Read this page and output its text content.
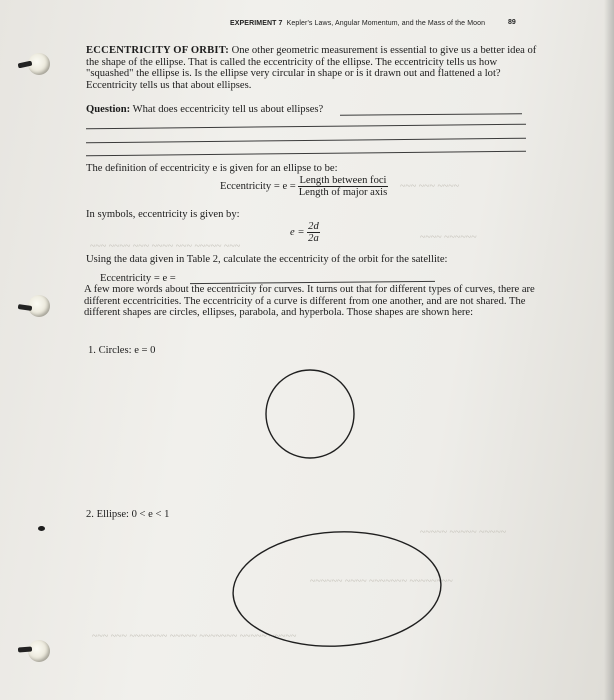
EXPERIMENT 7 Kepler's Laws, Angular Momentum, and the Mass of the Moon	89
~~~ ~~~ ~~~~
~~~ ~~~~ ~~~ ~~~~ ~~~ ~~~~~ ~~~
~~~~ ~~~~~~
~~~~~ ~~~~~ ~~~~~
~~~~~~ ~~~~ ~~~~~~~ ~~~~~~~~
~~~ ~~~ ~~~~~~~ ~~~~~ ~~~~~~~ ~~~~~ ~~~~~

ECCENTRICITY OF ORBIT: One other geometric measurement is essential to give us a better idea of the shape of the ellipse. That is called the eccentricity of the ellipse. The eccentricity tells us how "squashed" the ellipse is. Is the ellipse very circular in shape or is it drawn out and flattened a lot? Eccentricity tells us that about ellipses.

Question: What does eccentricity tell us about ellipses?
The definition of eccentricity e is given for an ellipse to be:
Eccentricity = $e = \frac{\text{Length between foci}}{\text{Length of major axis}}$
In symbols, eccentricity is given by:
$e = \frac{2d}{2a}$
Using the data given in Table 2, calculate the eccentricity of the orbit for the satellite:
Eccentricity = e =
A few more words about the eccentricity for curves. It turns out that for different types of curves, there are different eccentricities. The eccentricity of a curve is different from one another, and are not shared. The different shapes are circles, ellipses, parabola, and hyperbola. Those shapes are shown here:
1. Circles: e = 0
2. Ellipse: 0 < e < 1
